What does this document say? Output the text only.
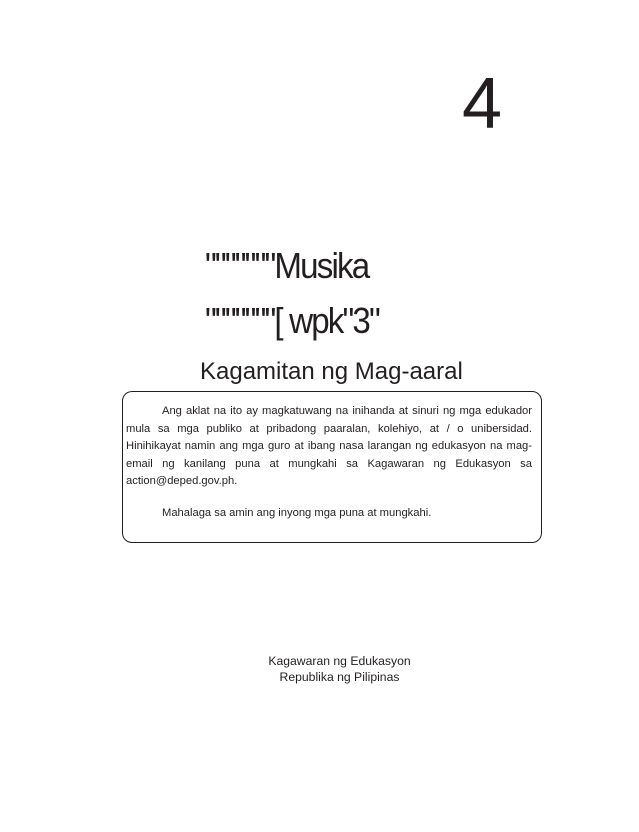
4
"""""""Musika
"""""""[ wpk"3"
Kagamitan ng Mag-aaral

Ang aklat na ito ay magkatuwang na inihanda at sinuri ng mga edukador mula sa mga publiko at pribadong paaralan, kolehiyo, at / o unibersidad. Hinihikayat namin ang mga guro at ibang nasa larangan ng edukasyon na mag-email ng kanilang puna at mungkahi sa Kagawaran ng Edukasyon sa action@deped.gov.ph.

Mahalaga sa amin ang inyong mga puna at mungkahi.

Kagawaran ng Edukasyon
Republika ng Pilipinas
